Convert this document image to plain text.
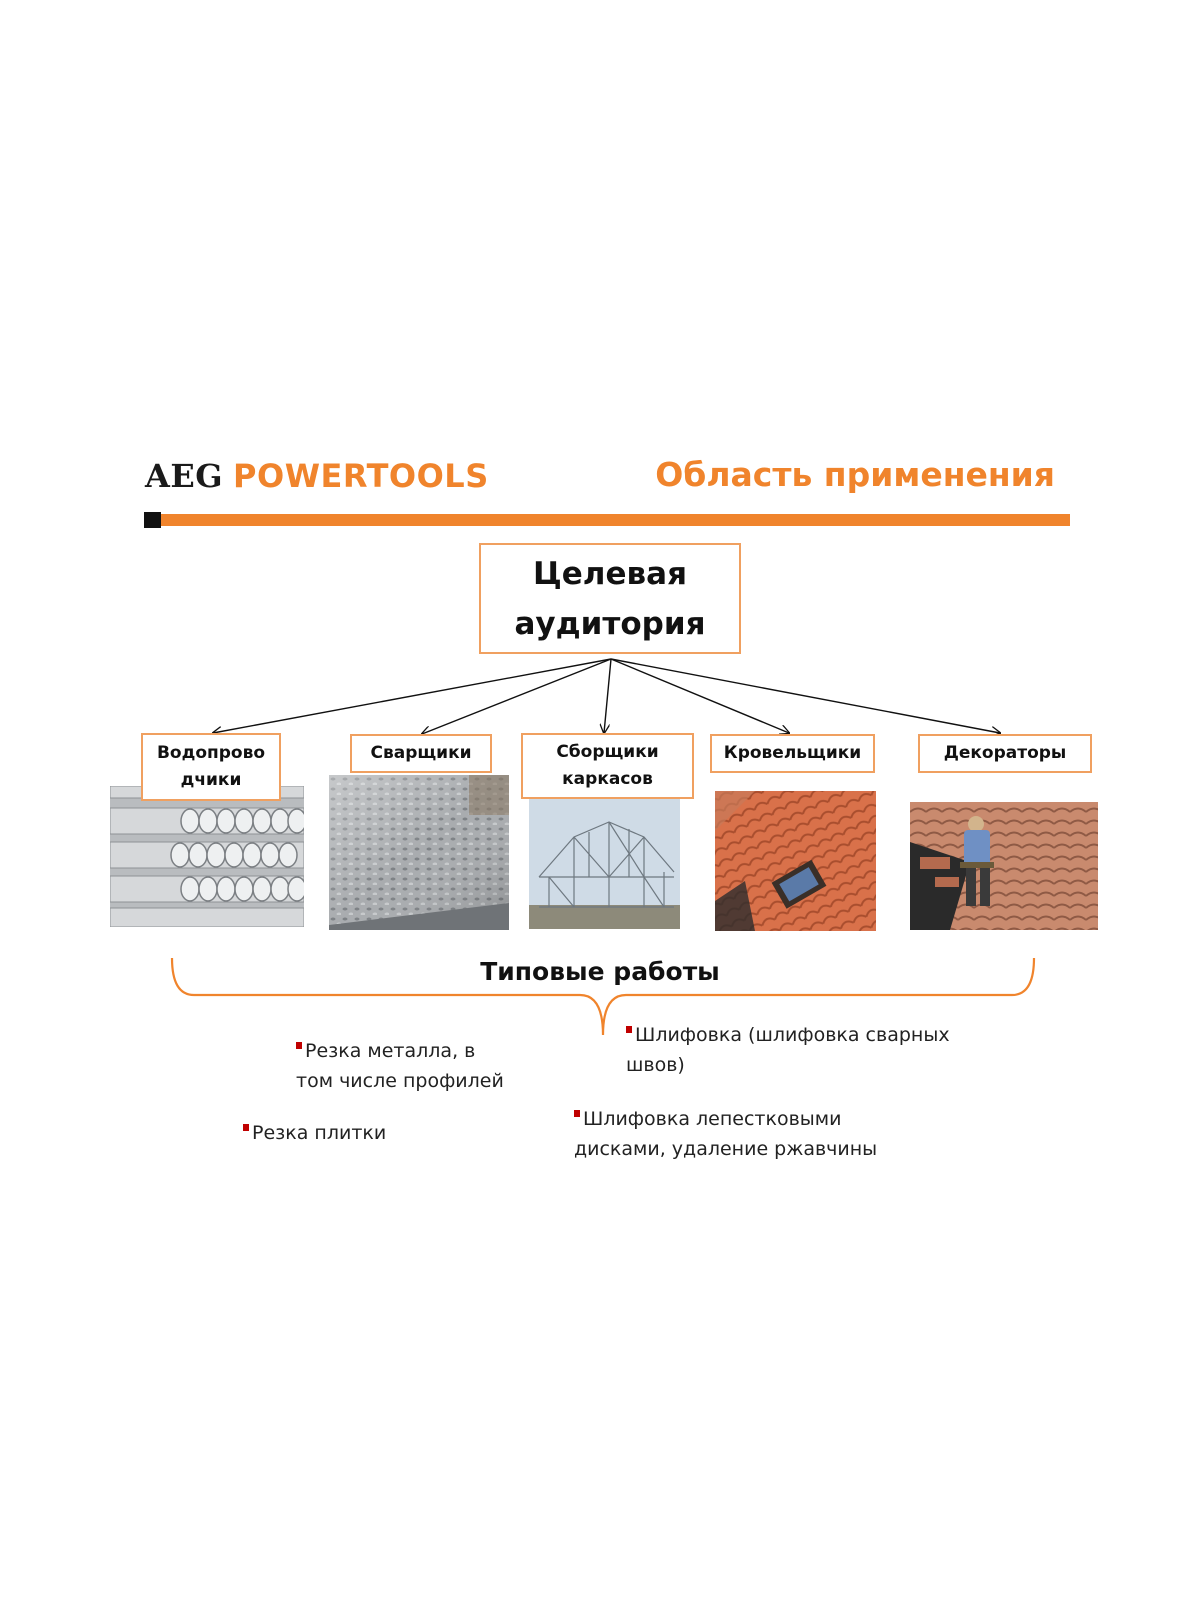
AEG POWERTOOLS	Область применения
Целевая
аудитория
Водопрово
дчики
Сварщики	Сборщики
каркасов
Кровельщики	Декораторы
Типовые работы
Резка металла, в
том числе профилей
Резка плитки
Шлифовка (шлифовка сварных
швов)
Шлифовка лепестковыми
дисками, удаление ржавчины
